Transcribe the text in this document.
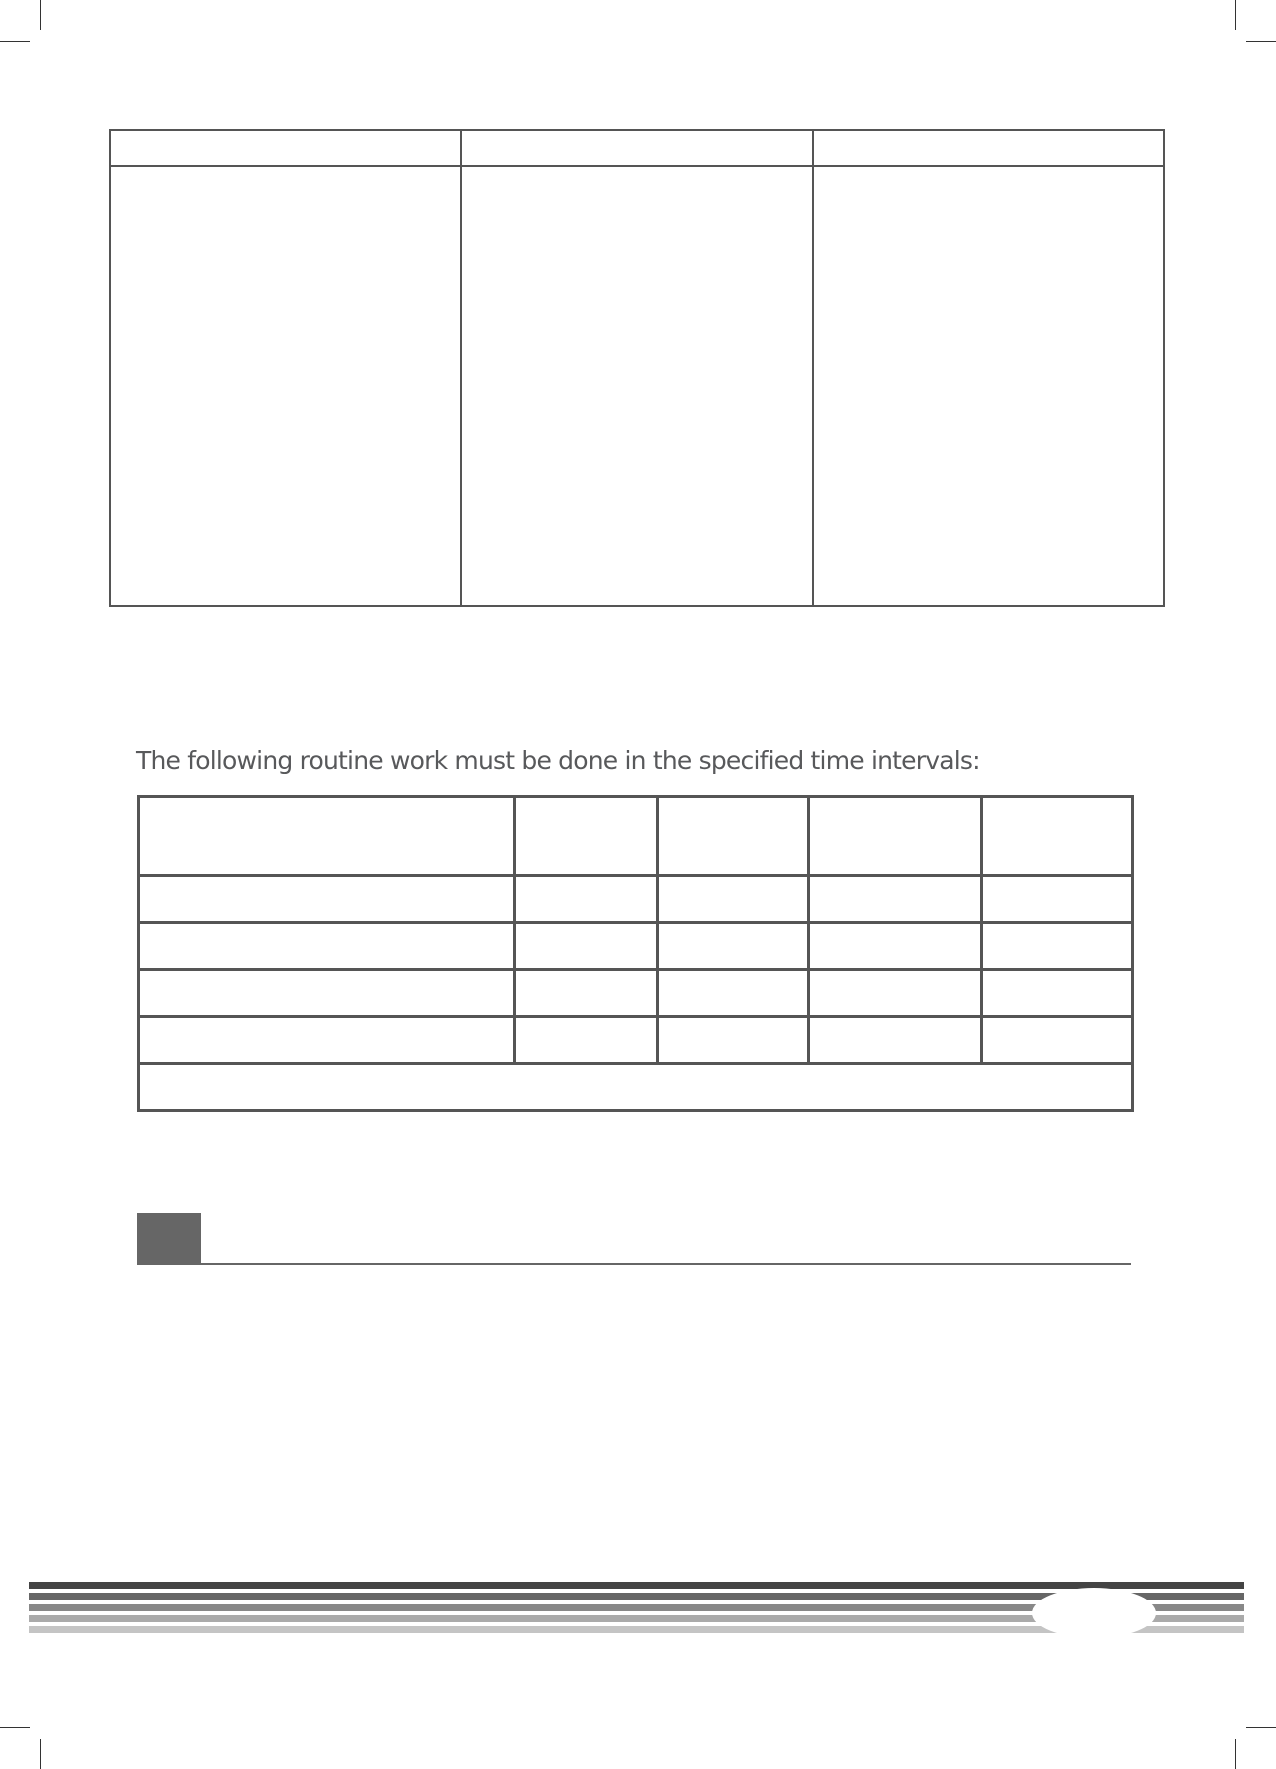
The following routine work must be done in the specified time intervals:
